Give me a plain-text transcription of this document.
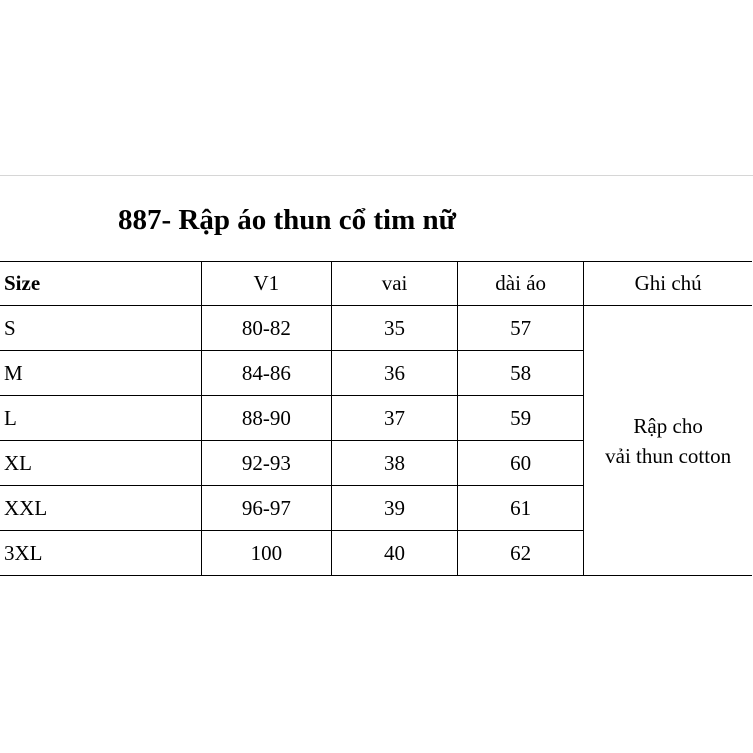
887- Rập áo thun cổ tim nữ
Size	V1	vai	dài áo	Ghi chú
S	80-82	35	57	Rập cho
vải thun cotton

M	84-86	36	58	
L	88-90	37	59	
XL	92-93	38	60	
XXL	96-97	39	61	
3XL	100	40	62	
